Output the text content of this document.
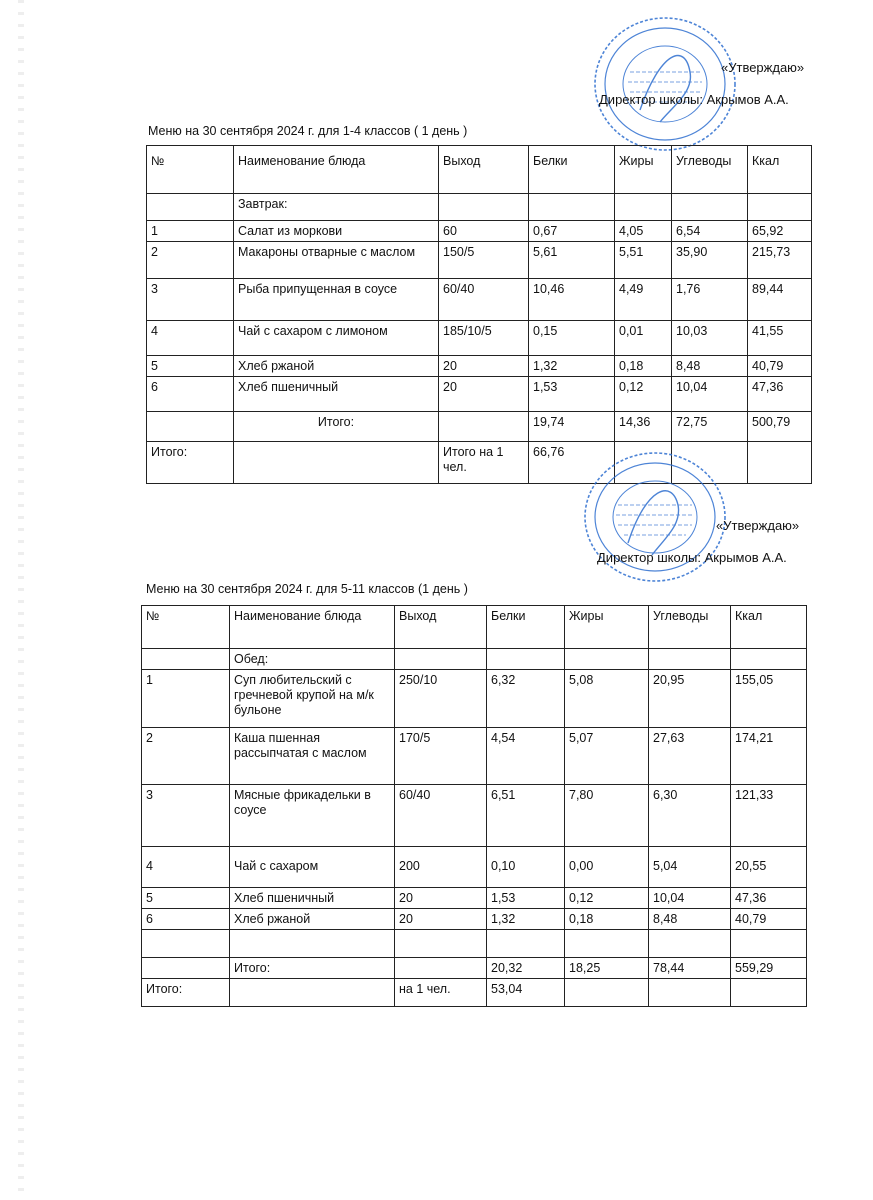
«Утверждаю»
Директор школы: Акрымов А.А.
Меню на 30 сентября 2024 г. для 1-4 классов ( 1 день )
№	Наименование блюда	Выход	Белки	Жиры	Углеводы	Ккал
	Завтрак:					
1	Салат из моркови	60	0,67	4,05	6,54	65,92
2	Макароны отварные с маслом	150/5	5,61	5,51	35,90	215,73
3	Рыба припущенная в соусе	60/40	10,46	4,49	1,76	89,44
4	Чай с сахаром с лимоном	185/10/5	0,15	0,01	10,03	41,55
5	Хлеб ржаной	20	1,32	0,18	8,48	40,79
6	Хлеб пшеничный	20	1,53	0,12	10,04	47,36
	Итого:		19,74	14,36	72,75	500,79
Итого:		Итого на 1 чел.	66,76			
«Утверждаю»
Директор школы: Акрымов А.А.
Меню на 30 сентября 2024 г. для 5-11 классов (1 день )
№	Наименование блюда	Выход	Белки	Жиры	Углеводы	Ккал
	Обед:					
1	Суп любительский с гречневой крупой на м/к бульоне	250/10	6,32	5,08	20,95	155,05
2	Каша пшенная рассыпчатая с маслом	170/5	4,54	5,07	27,63	174,21
3	Мясные фрикадельки в соусе	60/40	6,51	7,80	6,30	121,33
4	Чай с сахаром	200	0,10	0,00	5,04	20,55
5	Хлеб пшеничный	20	1,53	0,12	10,04	47,36
6	Хлеб ржаной	20	1,32	0,18	8,48	40,79

	Итого:		20,32	18,25	78,44	559,29
Итого:		на 1 чел.	53,04			
